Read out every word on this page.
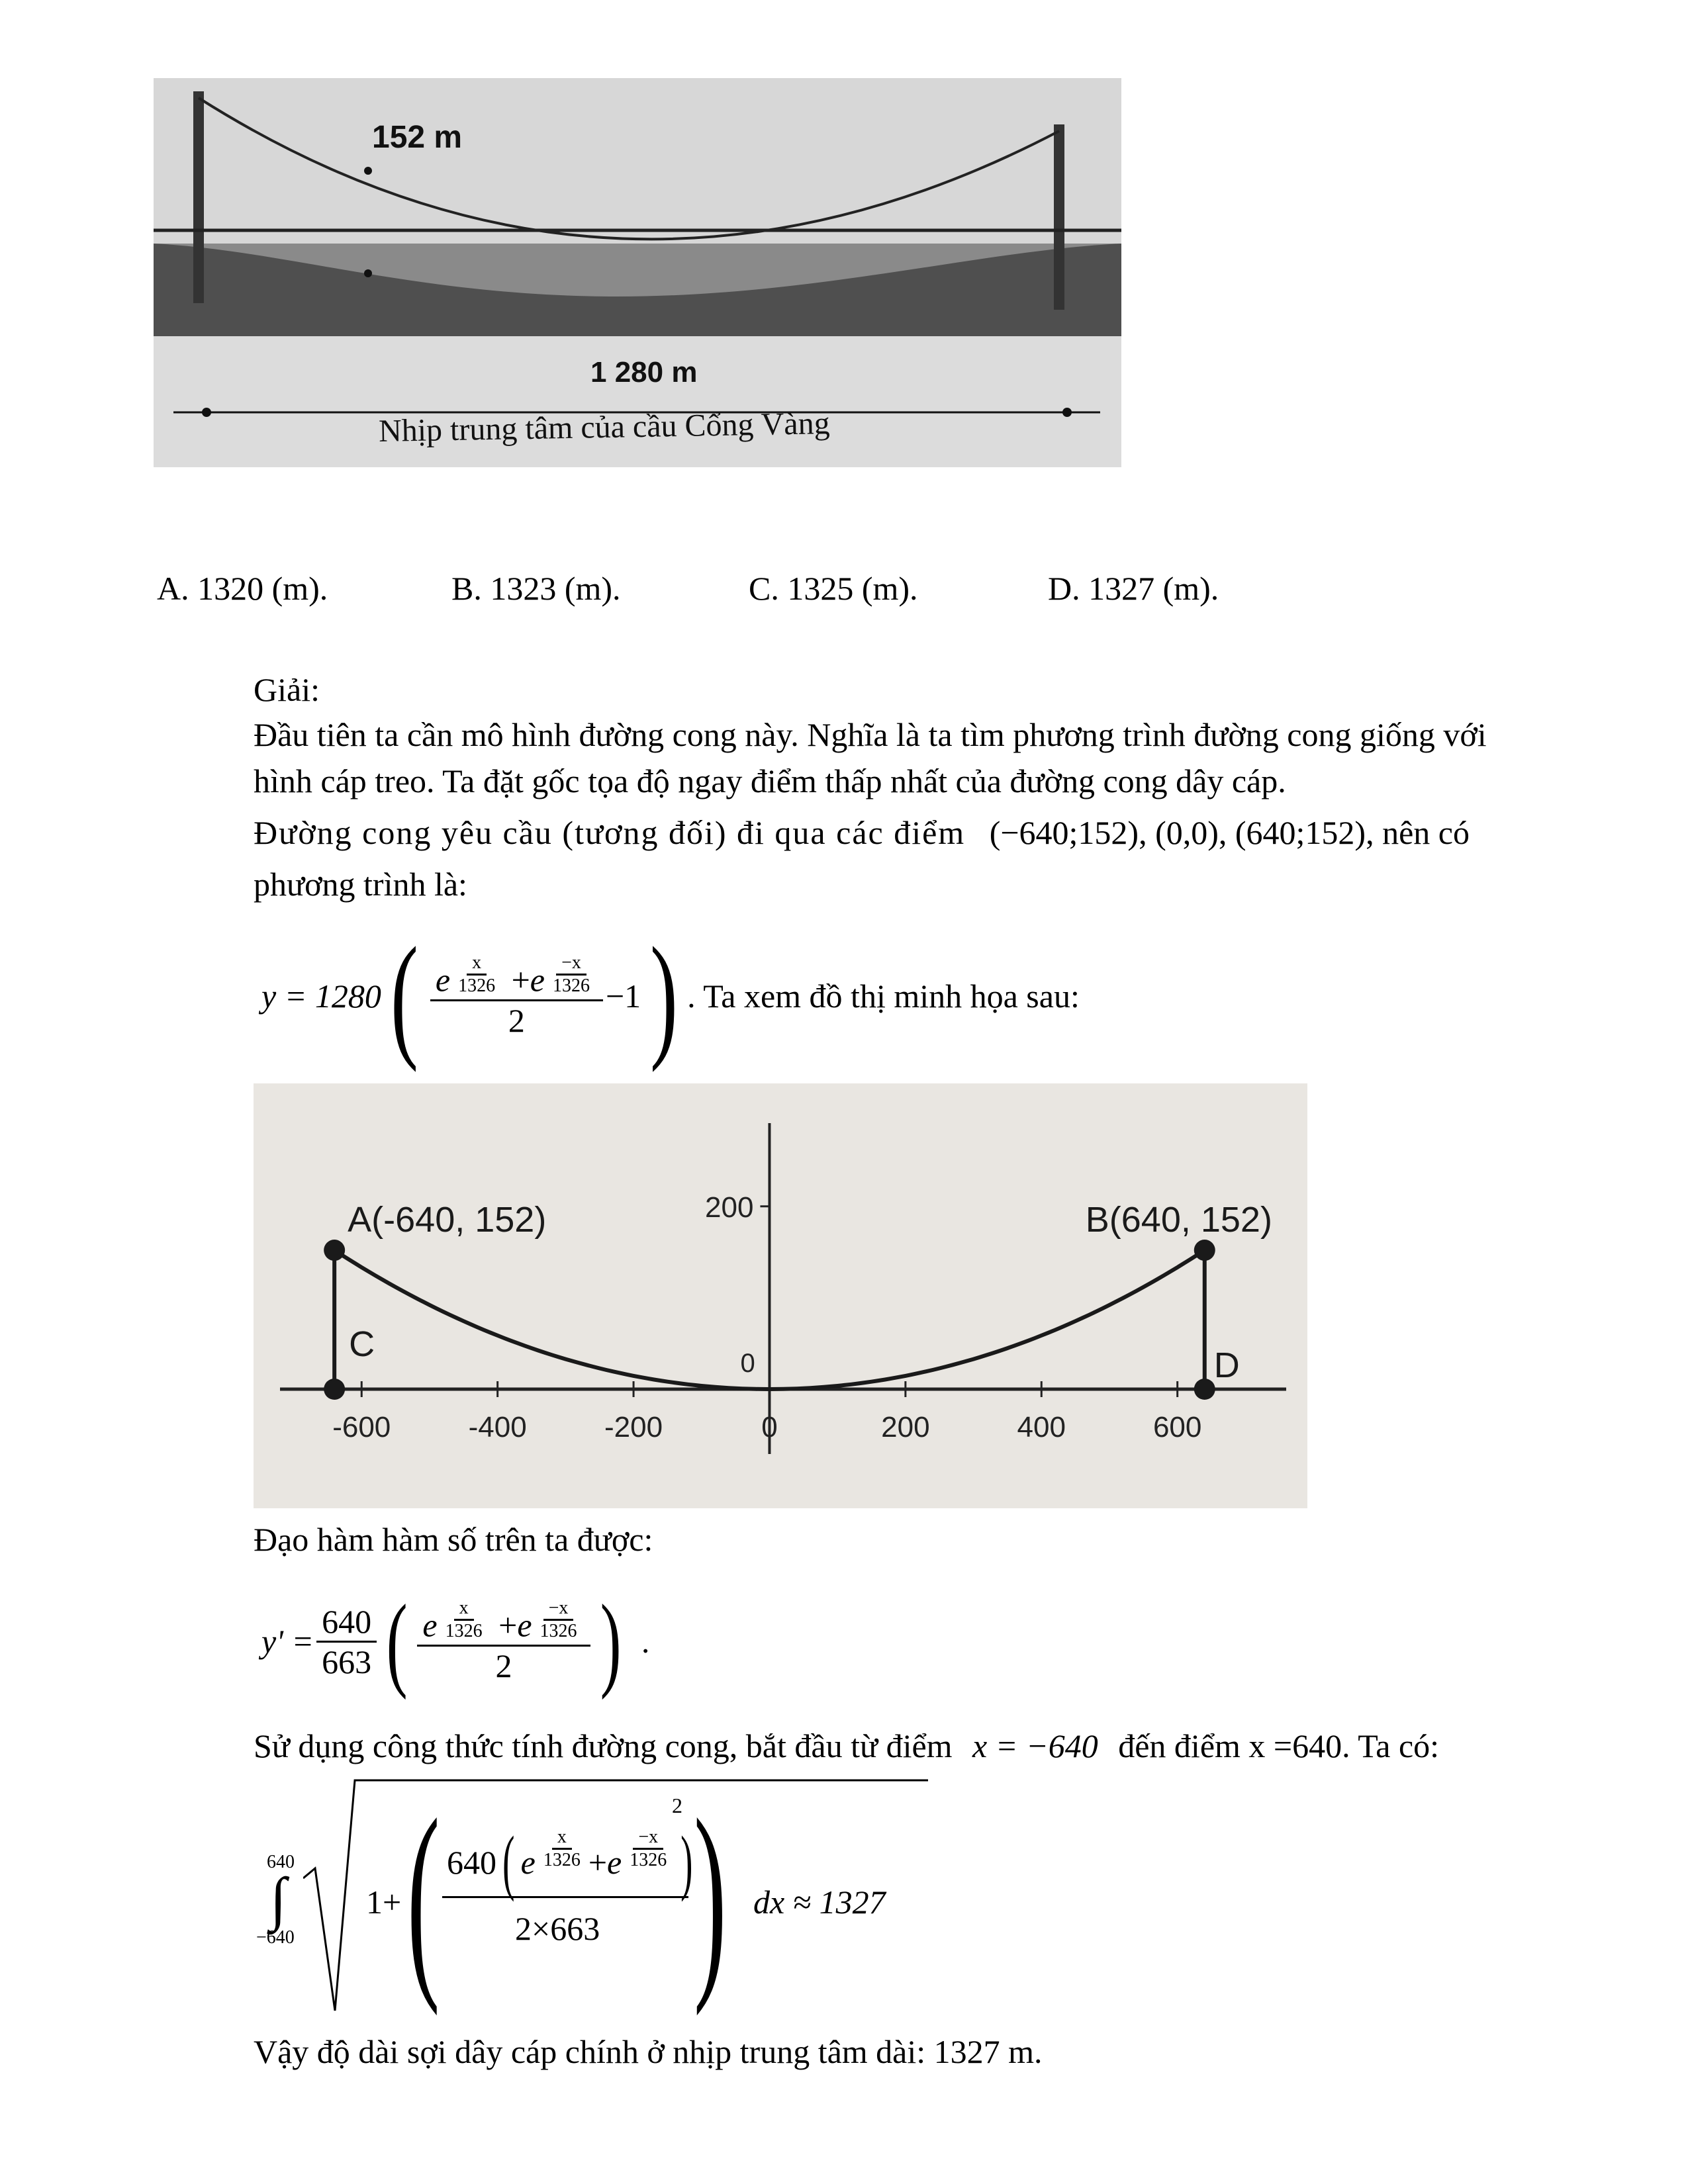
152 m
1 280 m
Nhịp trung tâm của cầu Cổng Vàng
A. 1320 (m).	B. 1323 (m).	C. 1325 (m).	D. 1327 (m).
Giải:
Đầu tiên ta cần mô hình đường cong này. Nghĩa là ta tìm phương trình đường cong giống với
hình cáp treo. Ta đặt gốc tọa độ ngay điểm thấp nhất của đường cong dây cáp.
Đường cong yêu cầu (tương đối) đi qua các điểm (−640;152), (0,0), (640;152), nên có
phương trình là:
y = 1280 ( e $^{\frac{x}{1326}}$ +e $^{\frac{-x}{1326}}$
2 −1 ) . Ta xem đồ thị minh họa sau:
-600	-400	-200	0	200	400	600
200
0
A(-640, 152)	B(640, 152)
C
D
Đạo hàm hàm số trên ta được:
$y' = \frac{640}{663}$ ( e $^{\frac{x}{1326}}$ +e $^{\frac{-x}{1326}}$
2 ) .
Sử dụng công thức tính đường cong, bắt đầu từ điểm x = −640 đến điểm x =640. Ta có:
640
∫
−640
1+ ( 640 ( e $\frac{x}{1326} + e \frac{-x}{1326}$ )
2
2×663 ) dx ≈ 1327
Vậy độ dài sợi dây cáp chính ở nhịp trung tâm dài: 1327 m.
